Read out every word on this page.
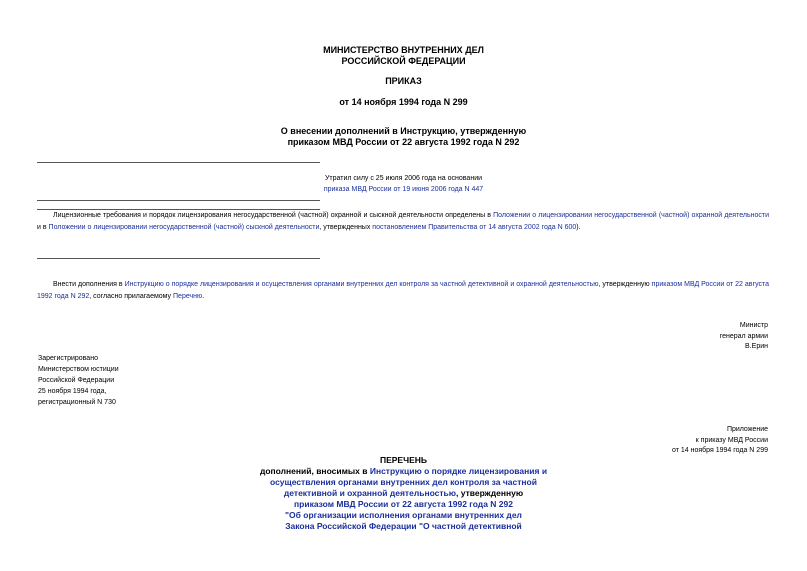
МИНИСТЕРСТВО ВНУТРЕННИХ ДЕЛ
РОССИЙСКОЙ ФЕДЕРАЦИИ
ПРИКАЗ
от 14 ноября 1994 года N 299
О внесении дополнений в Инструкцию, утвержденную
приказом МВД России от 22 августа 1992 года N 292
Утратил силу с 25 июля 2006 года на основании
приказа МВД России от 19 июня 2006 года N 447
Лицензионные требования и порядок лицензирования негосударственной (частной) охранной и сыскной деятельности определены в Положении о лицензировании негосударственной (частной) охранной деятельности и в Положении о лицензировании негосударственной (частной) сыскной деятельности, утвержденных постановлением Правительства от 14 августа 2002 года N 600).
Внести дополнения в Инструкцию о порядке лицензирования и осуществления органами внутренних дел контроля за частной детективной и охранной деятельностью, утвержденную приказом МВД России от 22 августа 1992 года N 292, согласно прилагаемому Перечню.
Министр
генерал армии
В.Ерин
Зарегистрировано
Министерством юстиции
Российской Федерации
25 ноября 1994 года,
регистрационный N 730
Приложение
к приказу МВД России
от 14 ноября 1994 года N 299
ПЕРЕЧЕНЬ
дополнений, вносимых в Инструкцию о порядке лицензирования и
осуществления органами внутренних дел контроля за частной
детективной и охранной деятельностью, утвержденную
приказом МВД России от 22 августа 1992 года N 292
"Об организации исполнения органами внутренних дел
Закона Российской Федерации "О частной детективной
